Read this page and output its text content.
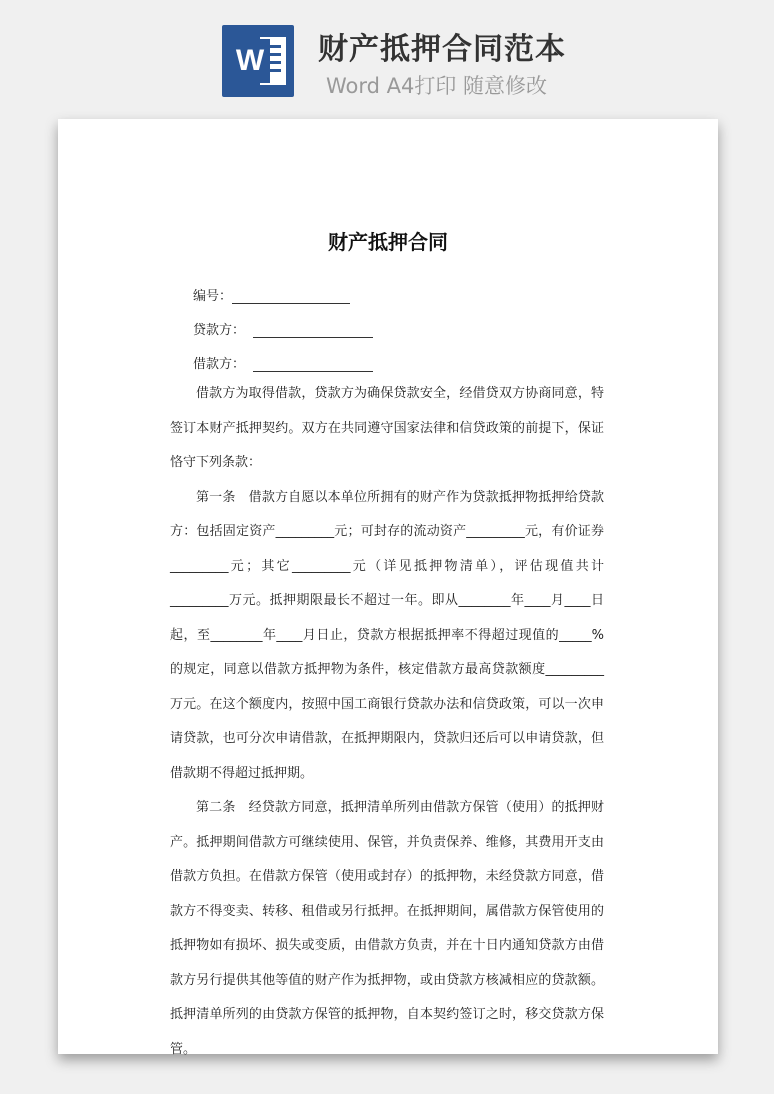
W 财产抵押合同范本
Word A4打印 随意修改
财产抵押合同
编号：
贷款方：
借款方：

借款方为取得借款，贷款方为确保贷款安全，经借贷双方协商同意，特签订本财产抵押契约。双方在共同遵守国家法律和信贷政策的前提下，保证恪守下列条款：

第一条　借款方自愿以本单位所拥有的财产作为贷款抵押物抵押给贷款方：包括固定资产_________元；可封存的流动资产_________元，有价证券_________元；其它_________元（详见抵押物清单），评估现值共计_________万元。抵押期限最长不超过一年。即从________年____月____日起，至________年____月日止，贷款方根据抵押率不得超过现值的_____%的规定，同意以借款方抵押物为条件，核定借款方最高贷款额度_________万元。在这个额度内，按照中国工商银行贷款办法和信贷政策，可以一次申请贷款，也可分次申请借款，在抵押期限内，贷款归还后可以申请贷款，但借款期不得超过抵押期。

第二条　经贷款方同意，抵押清单所列由借款方保管（使用）的抵押财产。抵押期间借款方可继续使用、保管，并负责保养、维修，其费用开支由借款方负担。在借款方保管（使用或封存）的抵押物，未经贷款方同意，借款方不得变卖、转移、租借或另行抵押。在抵押期间，属借款方保管使用的抵押物如有损坏、损失或变质，由借款方负责，并在十日内通知贷款方由借款方另行提供其他等值的财产作为抵押物，或由贷款方核减相应的贷款额。抵押清单所列的由贷款方保管的抵押物，自本契约签订之时，移交贷款方保管。
